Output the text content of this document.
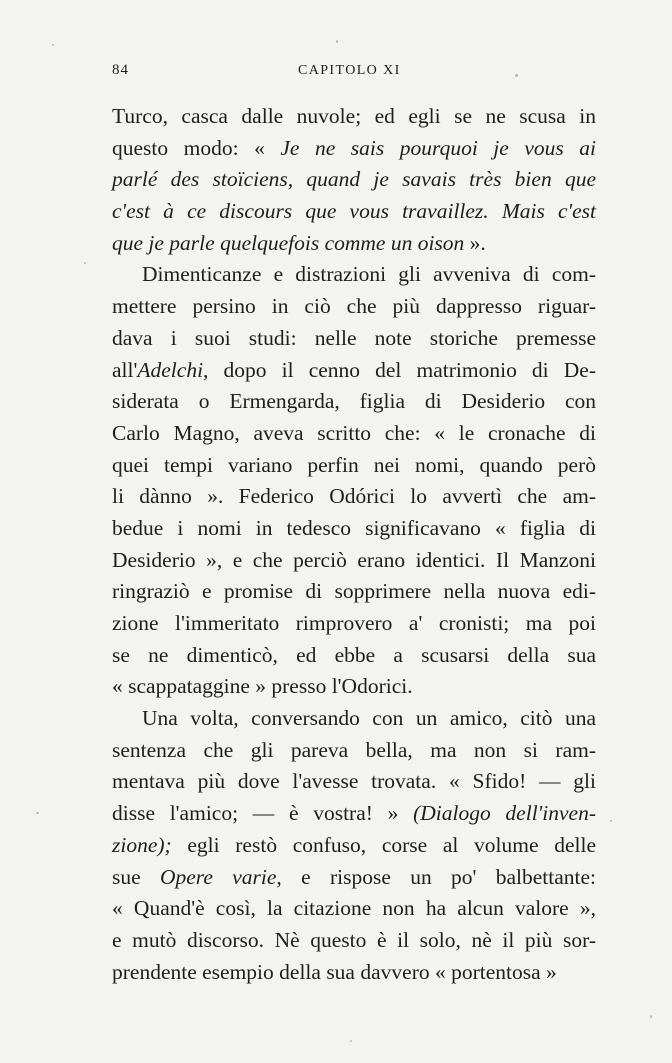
84	CAPITOLO XI
Turco, casca dalle nuvole; ed egli se ne scusa in
questo modo: « Je ne sais pourquoi je vous ai
parlé des stoïciens, quand je savais très bien que
c'est à ce discours que vous travaillez. Mais c'est
que je parle quelquefois comme un oison ».
Dimenticanze e distrazioni gli avveniva di com-
mettere persino in ciò che più dappresso riguar-
dava i suoi studi: nelle note storiche premesse
all'Adelchi, dopo il cenno del matrimonio di De-
siderata o Ermengarda, figlia di Desiderio con
Carlo Magno, aveva scritto che: « le cronache di
quei tempi variano perfin nei nomi, quando però
li dànno ». Federico Odórici lo avvertì che am-
bedue i nomi in tedesco significavano « figlia di
Desiderio », e che perciò erano identici. Il Manzoni
ringraziò e promise di sopprimere nella nuova edi-
zione l'immeritato rimprovero a' cronisti; ma poi
se ne dimenticò, ed ebbe a scusarsi della sua
« scappataggine » presso l'Odorici.
Una volta, conversando con un amico, citò una
sentenza che gli pareva bella, ma non si ram-
mentava più dove l'avesse trovata. « Sfido! — gli
disse l'amico; — è vostra! » (Dialogo dell'inven-
zione); egli restò confuso, corse al volume delle
sue Opere varie, e rispose un po' balbettante:
« Quand'è così, la citazione non ha alcun valore »,
e mutò discorso. Nè questo è il solo, nè il più sor-
prendente esempio della sua davvero « portentosa »
